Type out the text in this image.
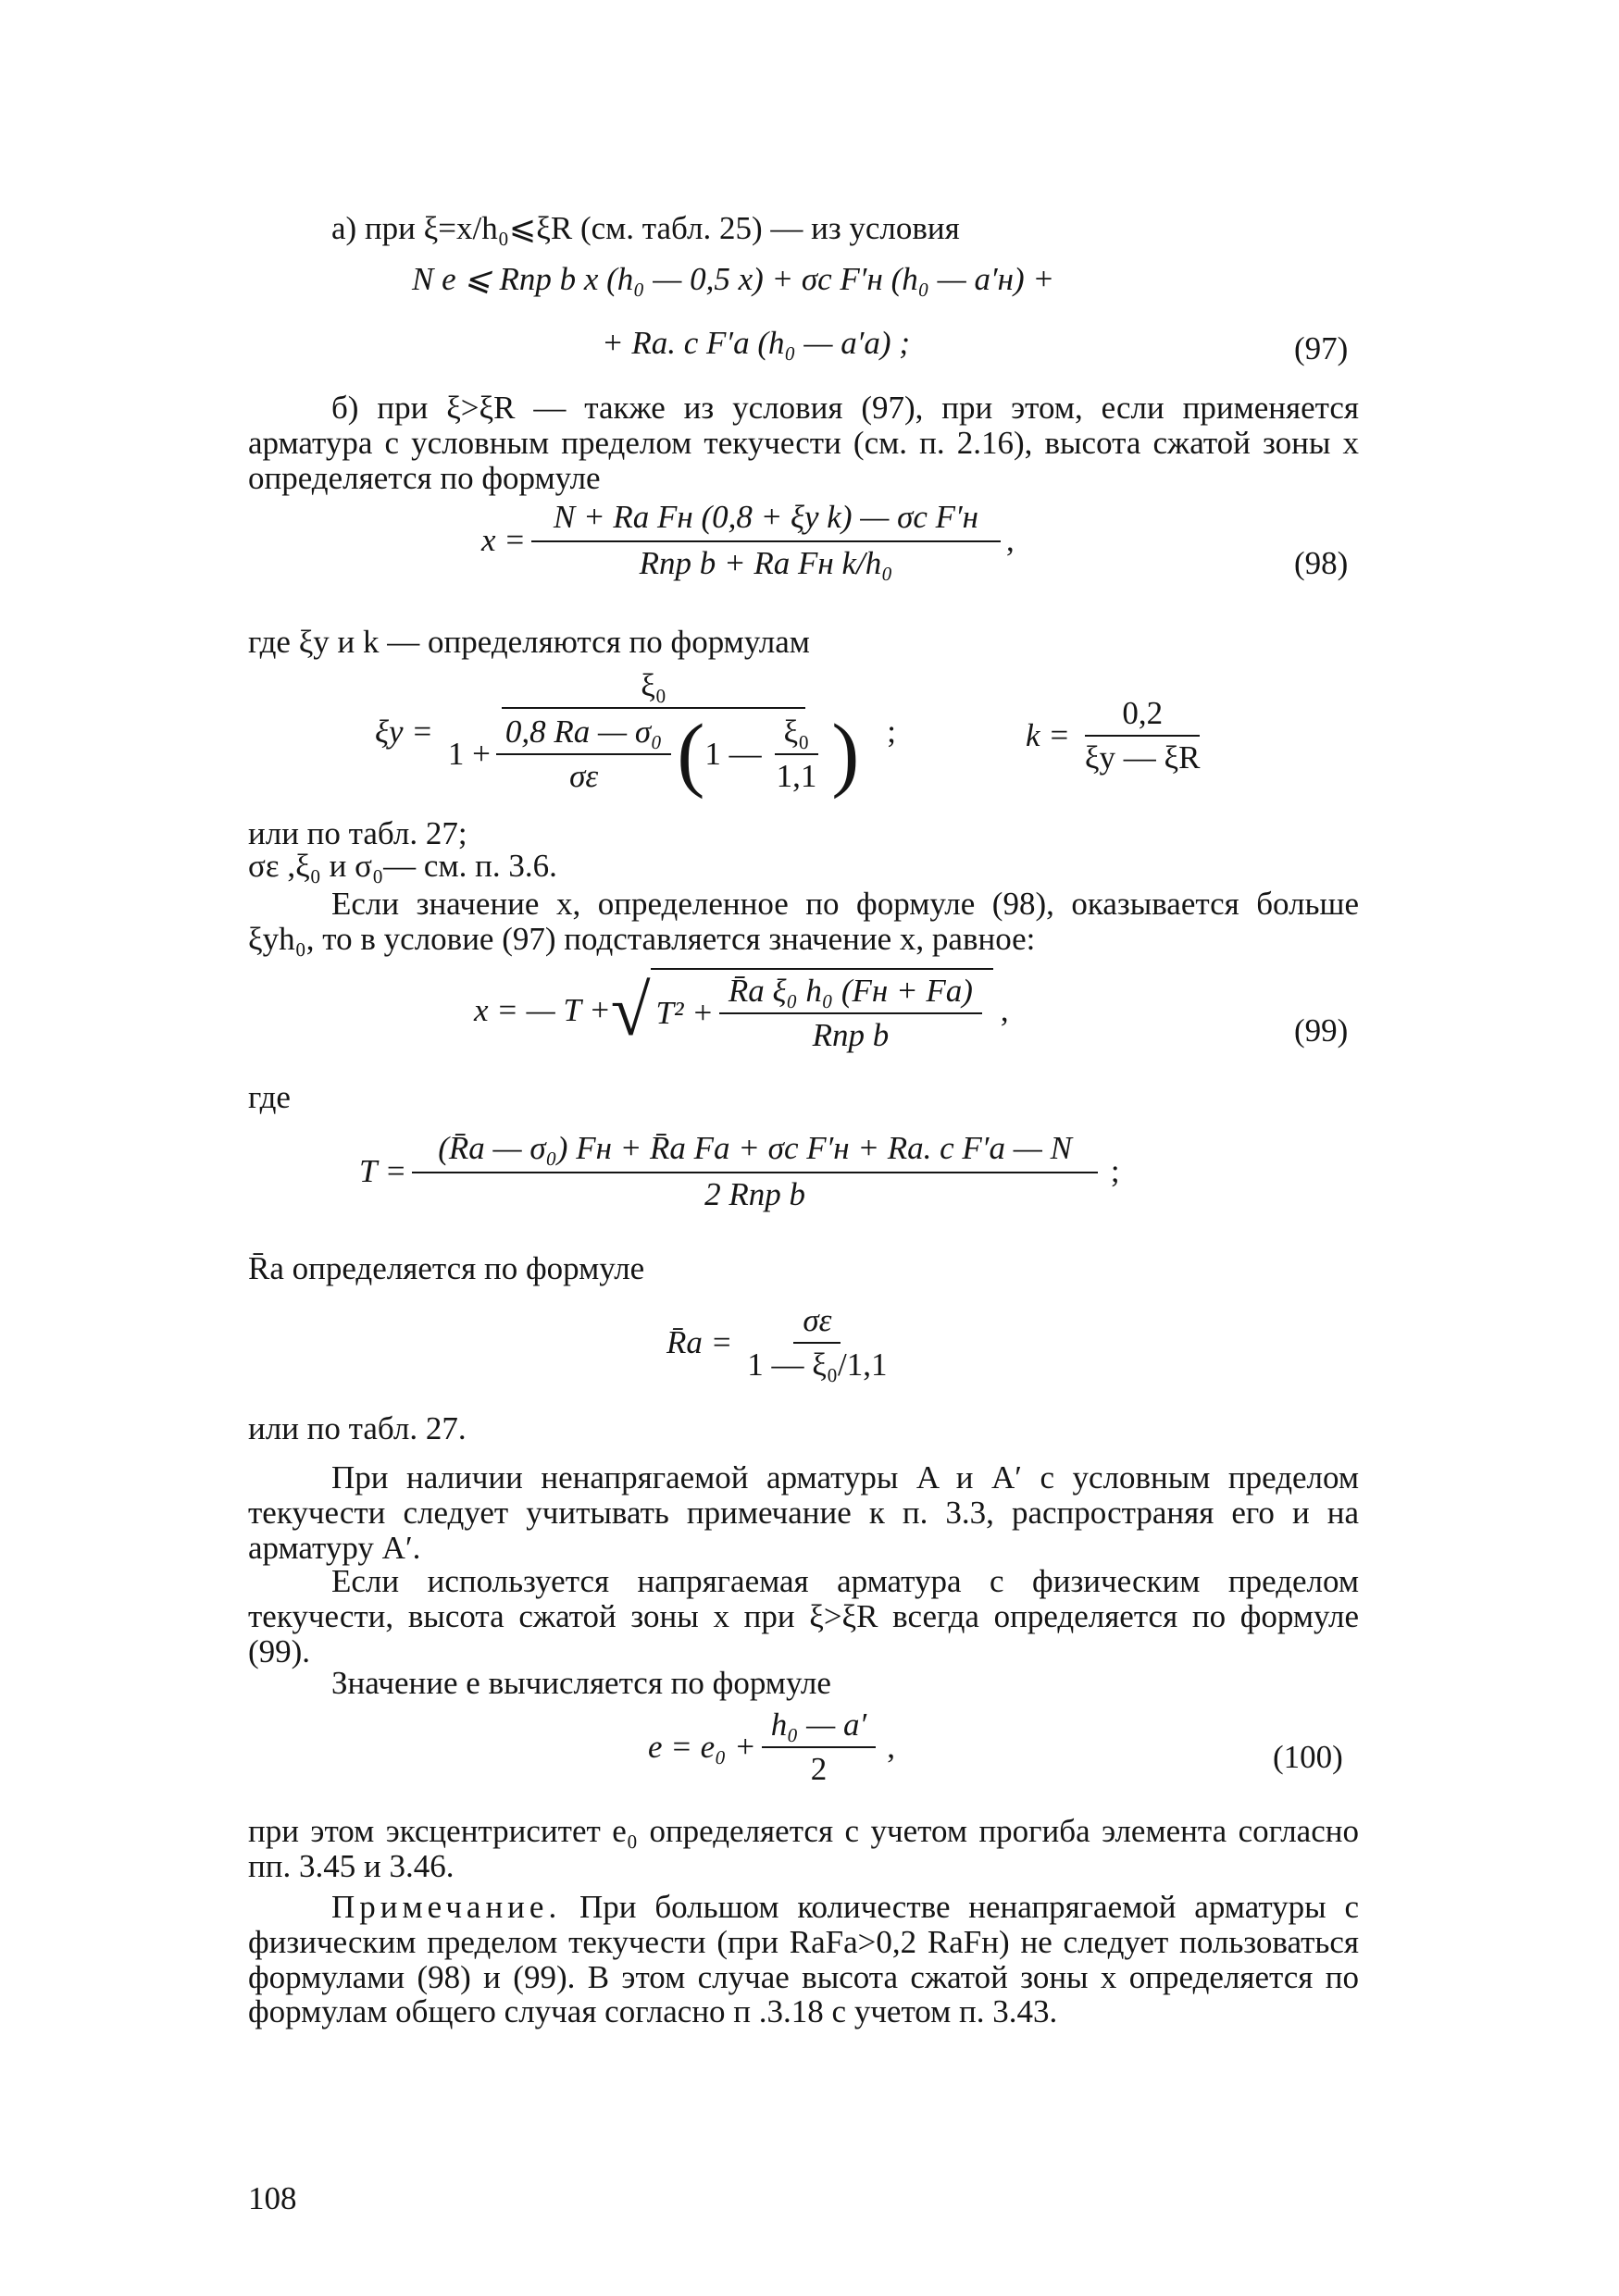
а) при ξ=x/h₀⩽ξR (см. табл. 25) — из условия

N e ⩽ Rпр b x (h₀ — 0,5 x) + σc F′н (h₀ — a′н) +
+ Rа. с F′а (h₀ — a′а) ;	(97)

б) при ξ>ξR — также из условия (97), при этом, если применяется арматура с условным пределом текучести (см. п. 2.16), высота сжатой зоны x определяется по формуле

$x = \frac{\text{N + Rа Fн (0,8 + ξу k) — σc F′н}}{\text{Rпр b + Rа Fн k/h₀}}$ ,
(98)

где ξу и k — определяются по формулам

ξу =
ξ₀
$1 + \frac{\text{0,8 Rа — σ₀}}{\sigma\varepsilon}$ ( 1 — $\frac{\text{ξ₀}}{1,1}$ ) ;	$k = \frac{0,2}{\xi у — \xi R}$

или по табл. 27;

σε ,ξ₀ и σ₀— см. п. 3.6.

Если значение x, определенное по формуле (98), оказывается больше ξуh₀, то в условие (97) подставляется значение x, равное:

x = — T + √ $T^2 + \frac{\text{R̄а ξ₀ h₀ (Fн + Fа)}}{\text{Rпр b}}$ ,
(99)

где

$T = \frac{\text{(R̄а — σ₀) Fн + R̄а Fа + σc F′н + Rа. с F′а — N}}{\text{2 Rпр b}}$ ;

R̄а определяется по формуле

R̄а = $\frac{\sigma\varepsilon}{\text{1 — ξ₀/1,1}}$

или по табл. 27.

При наличии ненапрягаемой арматуры A и A′ с условным пределом текучести следует учитывать примечание к п. 3.3, распространяя его и на арматуру A′.

Если используется напрягаемая арматура с физическим пределом текучести, высота сжатой зоны x при ξ>ξR всегда определяется по формуле (99).

Значение e вычисляется по формуле

$e = e_0 + \frac{\text{h₀ — a′}}{2}$ ,	(100)

при этом эксцентриситет e₀ определяется с учетом прогиба элемента согласно пп. 3.45 и 3.46.

Примечание. При большом количестве ненапрягаемой арматуры с физическим пределом текучести (при RаFа>0,2 RаFн) не следует пользоваться формулами (98) и (99). В этом случае высота сжатой зоны x определяется по формулам общего случая согласно п .3.18 с учетом п. 3.43.

108
